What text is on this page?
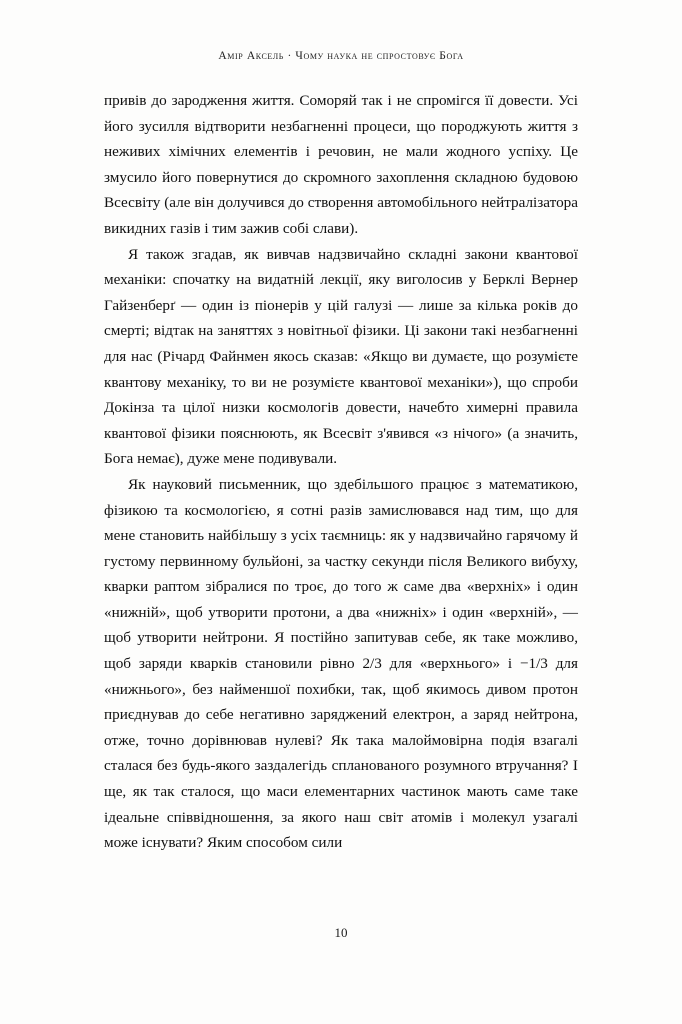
Амір Аксель · Чому наука не спростовує Бога

привів до зародження життя. Соморяй так і не спромігся її довести. Усі його зусилля відтворити незбагненні процеси, що породжують життя з неживих хімічних елементів і речовин, не мали жодного успіху. Це змусило його повернутися до скромного захоплення складною будовою Всесвіту (але він долучився до створення автомобільного нейтралізатора викидних газів і тим зажив собі слави).

Я також згадав, як вивчав надзвичайно складні закони квантової механіки: спочатку на видатній лекції, яку виголосив у Берклі Вернер Гайзенберґ — один із піонерів у цій галузі — лише за кілька років до смерті; відтак на заняттях з новітньої фізики. Ці закони такі незбагненні для нас (Річард Файнмен якось сказав: «Якщо ви думаєте, що розумієте квантову механіку, то ви не розумієте квантової механіки»), що спроби Докінза та цілої низки космологів довести, начебто химерні правила квантової фізики пояснюють, як Всесвіт з'явився «з нічого» (а значить, Бога немає), дуже мене подивували.

Як науковий письменник, що здебільшого працює з математикою, фізикою та космологією, я сотні разів замислювався над тим, що для мене становить найбільшу з усіх таємниць: як у надзвичайно гарячому й густому первинному бульйоні, за частку секунди після Великого вибуху, кварки раптом зібралися по троє, до того ж саме два «верхніх» і один «нижній», щоб утворити протони, а два «нижніх» і один «верхній», — щоб утворити нейтрони. Я постійно запитував себе, як таке можливо, щоб заряди кварків становили рівно 2/3 для «верхнього» і −1/3 для «нижнього», без найменшої похибки, так, щоб якимось дивом протон приєднував до себе негативно заряджений електрон, а заряд нейтрона, отже, точно дорівнював нулеві? Як така малоймовірна подія взагалі сталася без будь-якого заздалегідь спланованого розумного втручання? І ще, як так сталося, що маси елементарних частинок мають саме таке ідеальне співвідношення, за якого наш світ атомів і молекул узагалі може існувати? Яким способом сили

10
